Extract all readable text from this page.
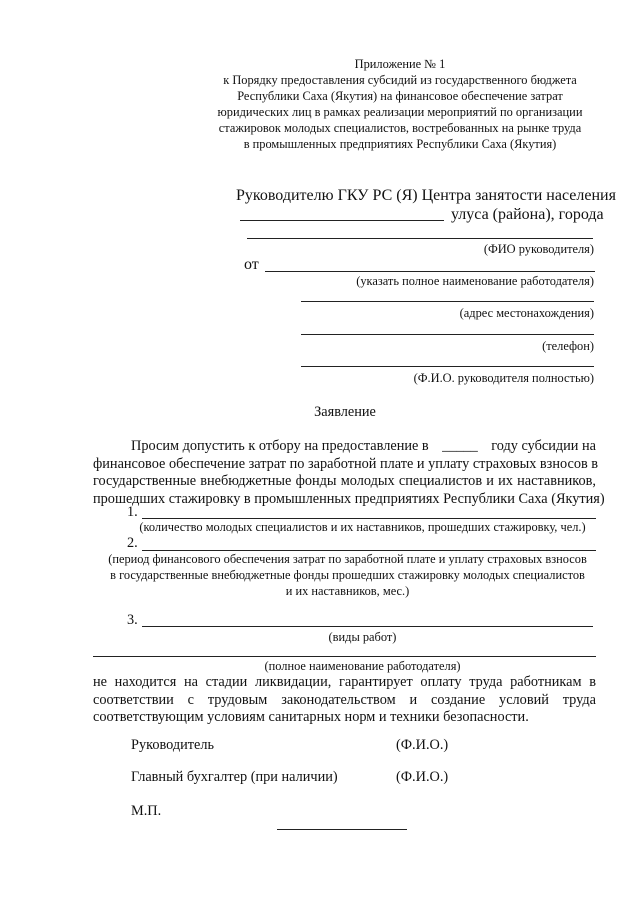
Приложение № 1
к Порядку предоставления субсидий из государственного бюджета
Республики Саха (Якутия) на финансовое обеспечение затрат
юридических лиц в рамках реализации мероприятий по организации
стажировок молодых специалистов, востребованных на рынке труда
в промышленных предприятиях Республики Саха (Якутия)
Руководителю ГКУ РС (Я) Центра занятости населения
улуса (района), города
(ФИО руководителя)
от
(указать полное наименование работодателя)
(адрес местонахождения)
(телефон)
(Ф.И.О. руководителя полностью)
Заявление
Просим допустить к отбору на предоставление в _____ году субсидии на
финансовое обеспечение затрат по заработной плате и уплату страховых взносов в
государственные внебюджетные фонды молодых специалистов и их наставников,
прошедших стажировку в промышленных предприятиях Республики Саха (Якутия)
1.
(количество молодых специалистов и их наставников, прошедших стажировку, чел.)
2.
(период финансового обеспечения затрат по заработной плате и уплату страховых взносов
в государственные внебюджетные фонды прошедших стажировку молодых специалистов
и их наставников, мес.)
3.
(виды работ)
(полное наименование работодателя)
не находится на стадии ликвидации, гарантирует оплату труда работникам в
соответствии с трудовым законодательством и создание условий труда
соответствующим условиям санитарных норм и техники безопасности.
Руководитель	(Ф.И.О.)
Главный бухгалтер (при наличии)	(Ф.И.О.)
М.П.
